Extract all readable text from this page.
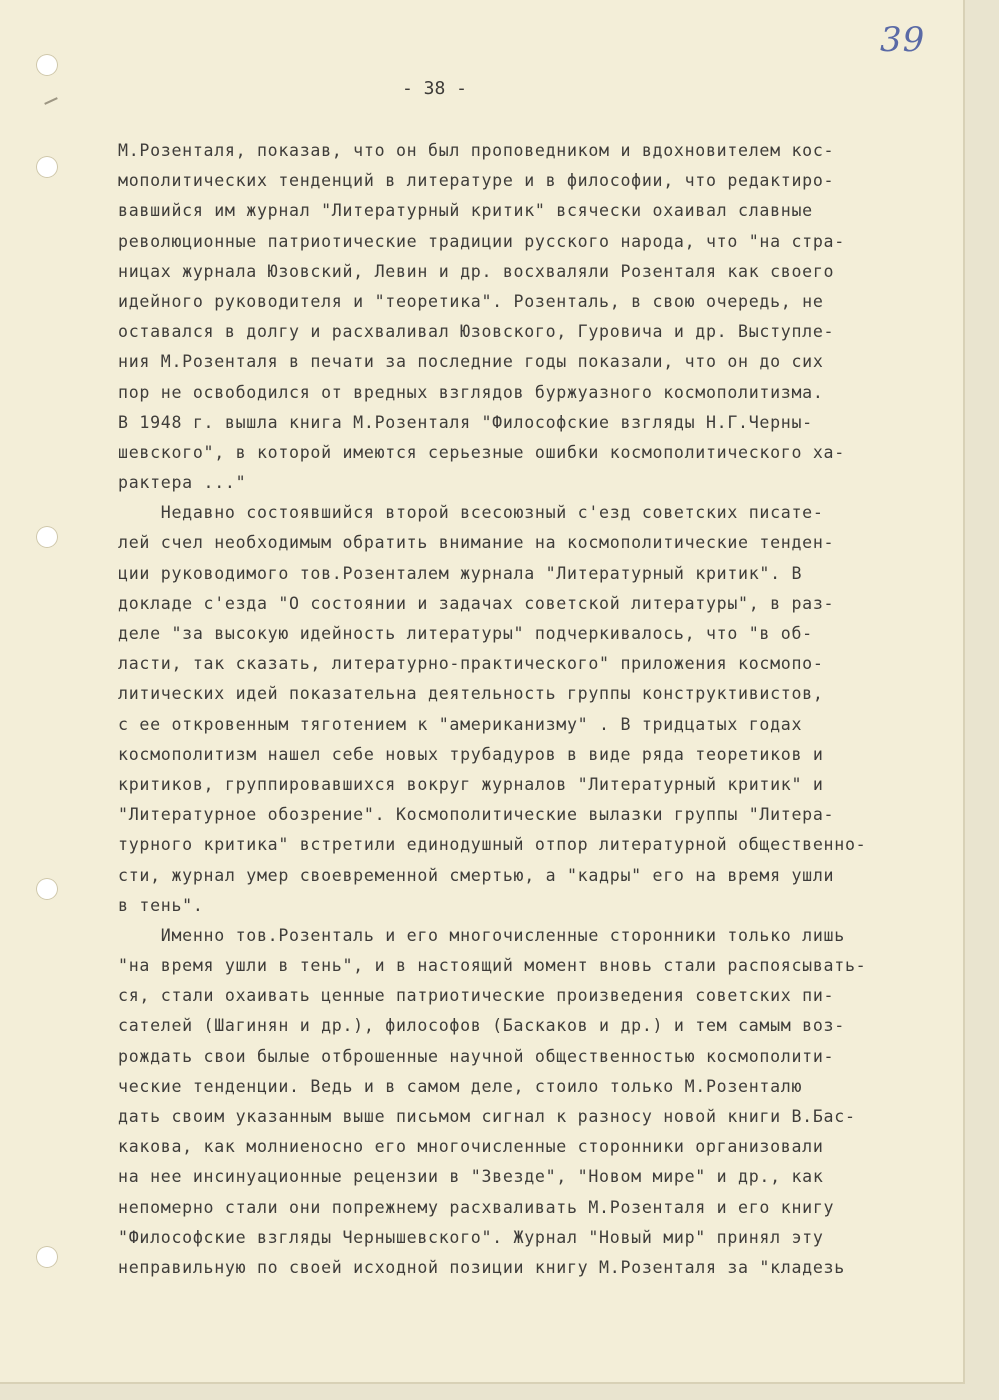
39
- 38 -
М.Розенталя, показав, что он был проповедником и вдохновителем кос-
мополитических тенденций в литературе и в философии, что редактиро-
вавшийся им журнал "Литературный критик" всячески охаивал славные
революционные патриотические традиции русского народа, что "на стра-
ницах журнала Юзовский, Левин и др. восхваляли Розенталя как своего
идейного руководителя и "теоретика". Розенталь, в свою очередь, не
оставался в долгу и расхваливал Юзовского, Гуровича и др. Выступле-
ния М.Розенталя в печати за последние годы показали, что он до сих
пор не освободился от вредных взглядов буржуазного космополитизма.
В 1948 г. вышла книга М.Розенталя "Философские взгляды Н.Г.Черны-
шевского", в которой имеются серьезные ошибки космополитического ха-
рактера ..."
Недавно состоявшийся второй всесоюзный с'езд советских писате-
лей счел необходимым обратить внимание на космополитические тенден-
ции руководимого тов.Розенталем журнала "Литературный критик". В
докладе с'езда "О состоянии и задачах советской литературы", в раз-
деле "за высокую идейность литературы" подчеркивалось, что "в об-
ласти, так сказать, литературно-практического" приложения космопо-
литических идей показательна деятельность группы конструктивистов,
с ее откровенным тяготением к "американизму" . В тридцатых годах
космополитизм нашел себе новых трубадуров в виде ряда теоретиков и
критиков, группировавшихся вокруг журналов "Литературный критик" и
"Литературное обозрение". Космополитические вылазки группы "Литера-
турного критика" встретили единодушный отпор литературной общественно-
сти, журнал умер своевременной смертью, а "кадры" его на время ушли
в тень".
Именно тов.Розенталь и его многочисленные сторонники только лишь
"на время ушли в тень", и в настоящий момент вновь стали распоясывать-
ся, стали охаивать ценные патриотические произведения советских пи-
сателей (Шагинян и др.), философов (Баскаков и др.) и тем самым воз-
рождать свои былые отброшенные научной общественностью космополити-
ческие тенденции. Ведь и в самом деле, стоило только М.Розенталю
дать своим указанным выше письмом сигнал к разносу новой книги В.Бас-
какова, как молниеносно его многочисленные сторонники организовали
на нее инсинуационные рецензии в "Звезде", "Новом мире" и др., как
непомерно стали они попрежнему расхваливать М.Розенталя и его книгу
"Философские взгляды Чернышевского". Журнал "Новый мир" принял эту
неправильную по своей исходной позиции книгу М.Розенталя за "кладезь
